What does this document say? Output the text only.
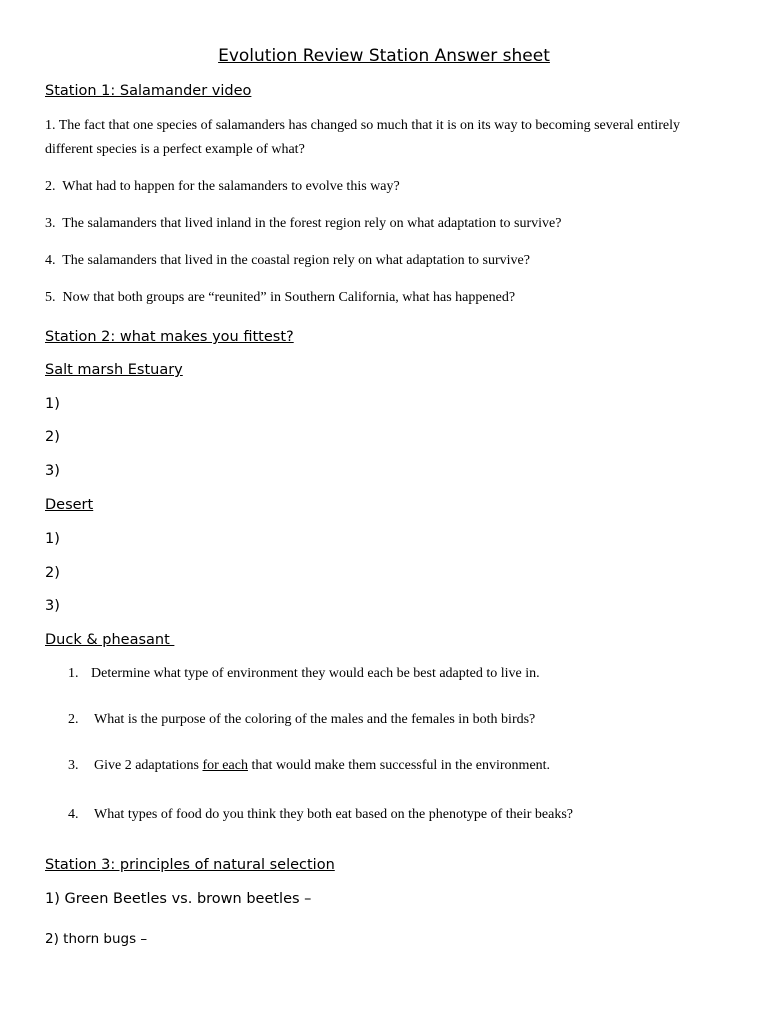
Evolution Review Station Answer sheet
Station 1: Salamander video
1. The fact that one species of salamanders has changed so much that it is on its way to becoming several entirely different species is a perfect example of what?
2. What had to happen for the salamanders to evolve this way?
3. The salamanders that lived inland in the forest region rely on what adaptation to survive?
4. The salamanders that lived in the coastal region rely on what adaptation to survive?
5. Now that both groups are “reunited” in Southern California, what has happened?
Station 2: what makes you fittest?
Salt marsh Estuary
1)
2)
3)
Desert
1)
2)
3)
Duck & pheasant
1. Determine what type of environment they would each be best adapted to live in.
2. What is the purpose of the coloring of the males and the females in both birds?
3. Give 2 adaptations for each that would make them successful in the environment.
4. What types of food do you think they both eat based on the phenotype of their beaks?
Station 3: principles of natural selection
1) Green Beetles vs. brown beetles –
2) thorn bugs –
